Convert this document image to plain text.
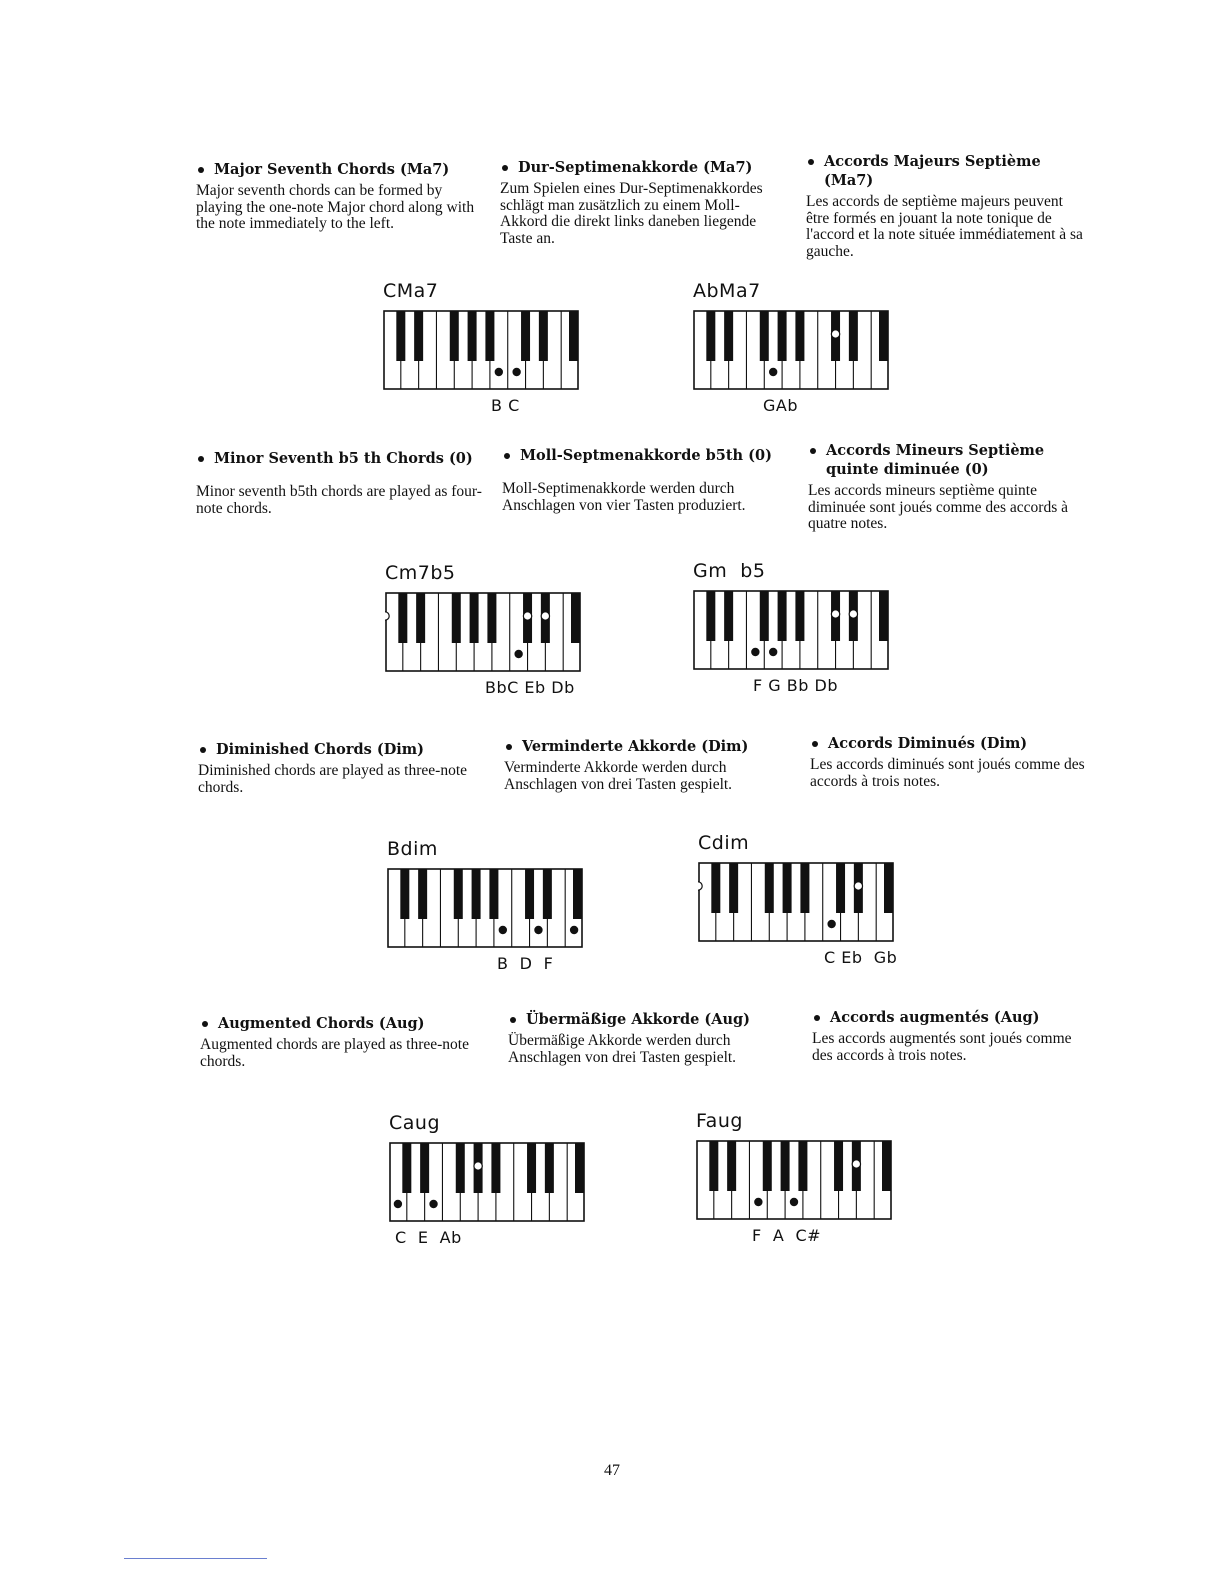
Major Seventh Chords (Ma7)

Major seventh chords can be formed by playing the one-note Major chord along with the note immediately to the left.

Dur-Septimenakkorde (Ma7)

Zum Spielen eines Dur-Septimenakkordes schlägt man zusätzlich zu einem Moll-Akkord die direkt links daneben liegende Taste an.

Accords Majeurs Septième (Ma7)

Les accords de septième majeurs peuvent être formés en jouant la note tonique de l'accord et la note située immédiatement à sa gauche.

CMa7
B C
AbMa7
GAb

Minor Seventh b5 th Chords (0)

Minor seventh b5th chords are played as four-note chords.

Moll-Septmenakkorde b5th (0)

Moll-Septimenakkorde werden durch Anschlagen von vier Tasten produziert.

Accords Mineurs Septième quinte diminuée (0)

Les accords mineurs septième quinte diminuée sont joués comme des accords à quatre notes.

Cm7b5
BbC Eb Db
Gm  b5
F G Bb Db

Diminished Chords (Dim)

Diminished chords are played as three-note chords.

Verminderte Akkorde (Dim)

Verminderte Akkorde werden durch Anschlagen von drei Tasten gespielt.

Accords Diminués (Dim)

Les accords diminués sont joués comme des accords à trois notes.

Bdim
B  D  F
Cdim
C Eb  Gb

Augmented Chords (Aug)

Augmented chords are played as three-note chords.

Übermäßige Akkorde (Aug)

Übermäßige Akkorde werden durch Anschlagen von drei Tasten gespielt.

Accords augmentés (Aug)

Les accords augmentés sont joués comme des accords à trois notes.

Caug
C  E  Ab
Faug
F  A  C#
47
